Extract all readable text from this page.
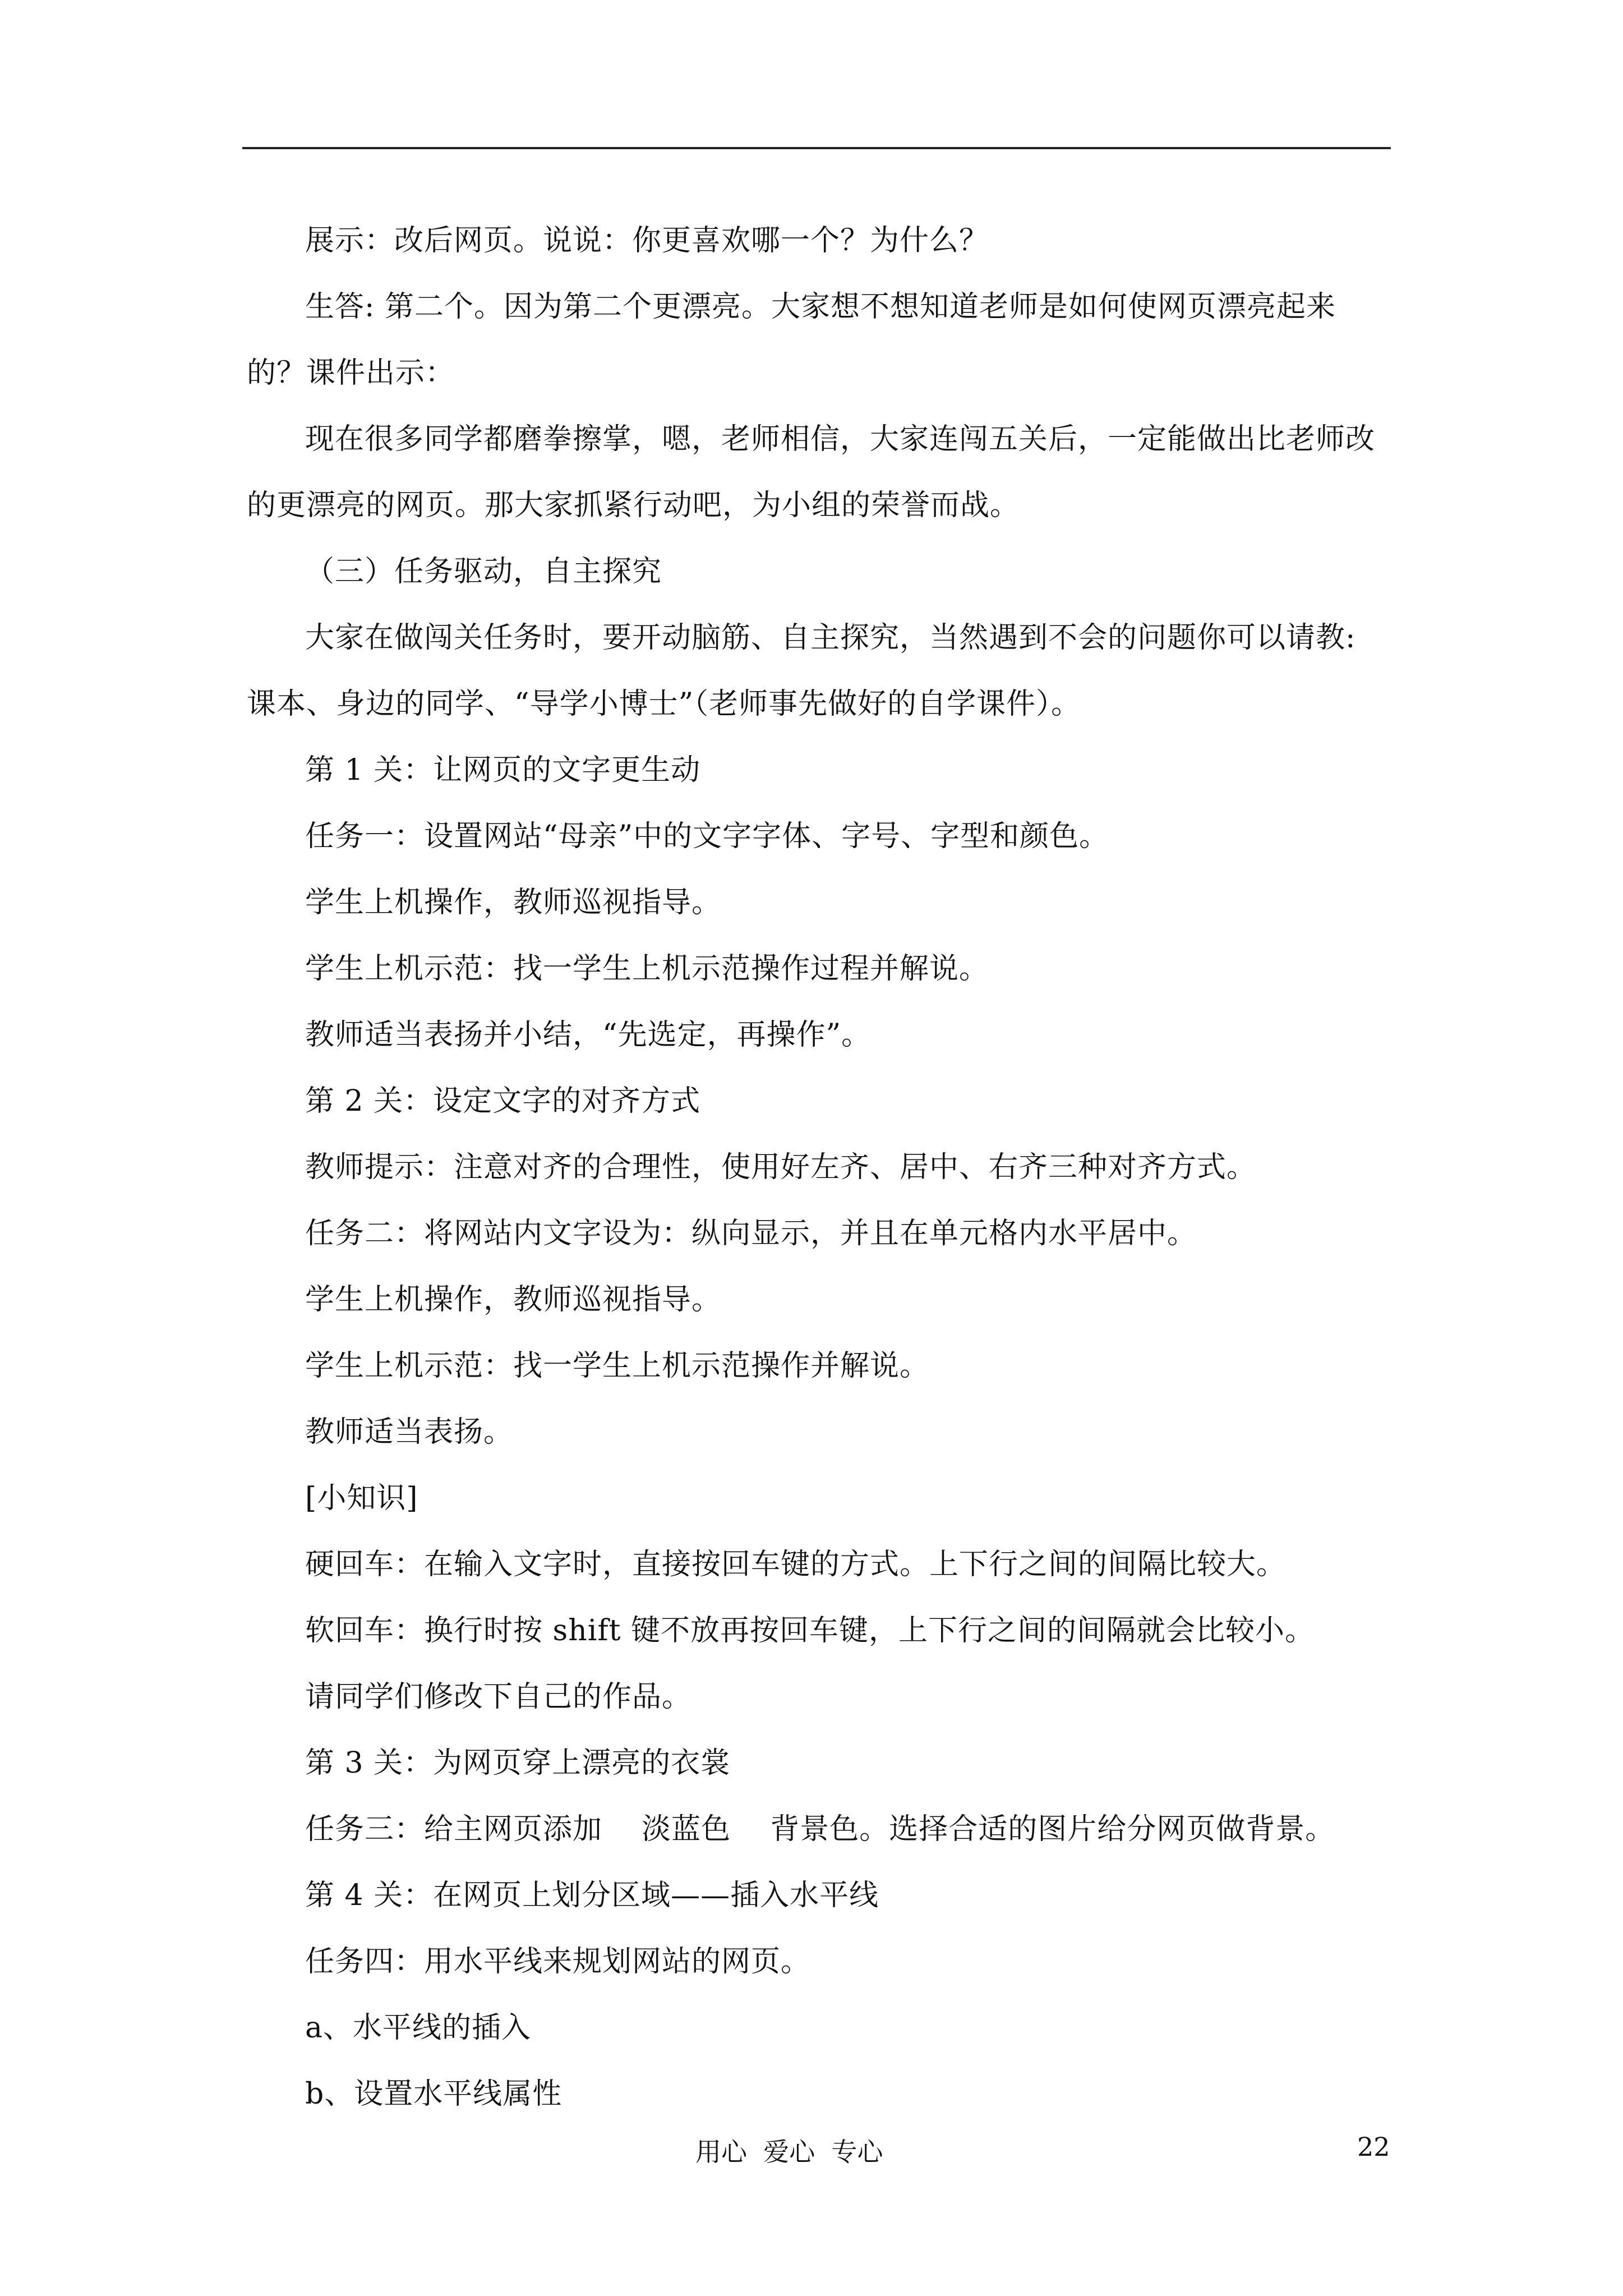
展示：改后网页。说说：你更喜欢哪一个？为什么？

生答: 第二个。因为第二个更漂亮。大家想不想知道老师是如何使网页漂亮起来的？课件出示：

现在很多同学都磨拳擦掌，嗯，老师相信，大家连闯五关后，一定能做出比老师改的更漂亮的网页。那大家抓紧行动吧，为小组的荣誉而战。

（三）任务驱动，自主探究

大家在做闯关任务时，要开动脑筋、自主探究，当然遇到不会的问题你可以请教: 课本、身边的同学、“导学小博士”（老师事先做好的自学课件）。

第 1 关：让网页的文字更生动

任务一：设置网站“母亲”中的文字字体、字号、字型和颜色。

学生上机操作，教师巡视指导。

学生上机示范：找一学生上机示范操作过程并解说。

教师适当表扬并小结，“先选定，再操作”。

第 2 关：设定文字的对齐方式

教师提示：注意对齐的合理性，使用好左齐、居中、右齐三种对齐方式。

任务二：将网站内文字设为：纵向显示，并且在单元格内水平居中。

学生上机操作，教师巡视指导。

学生上机示范：找一学生上机示范操作并解说。

教师适当表扬。

[小知识]

硬回车：在输入文字时，直接按回车键的方式。上下行之间的间隔比较大。

软回车：换行时按 shift 键不放再按回车键，上下行之间的间隔就会比较小。

请同学们修改下自己的作品。

第 3 关：为网页穿上漂亮的衣裳

任务三：给主网页添加    淡蓝色    背景色。选择合适的图片给分网页做背景。

第 4 关：在网页上划分区域——插入水平线

任务四：用水平线来规划网站的网页。

a、水平线的插入

b、设置水平线属性

用心  爱心  专心	22
